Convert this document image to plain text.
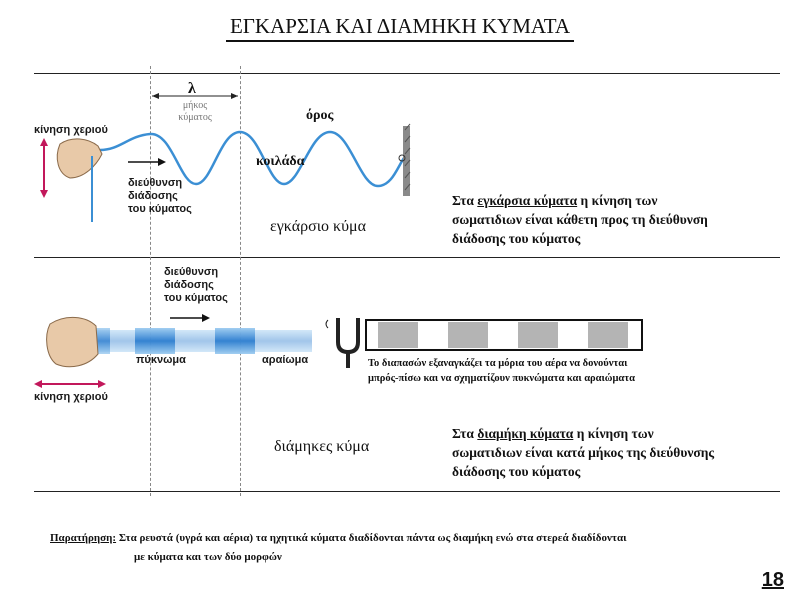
ΕΓΚΑΡΣΙΑ ΚΑΙ ΔΙΑΜΗΚΗ ΚΥΜΑΤΑ
λ
μήκος
κύματος
κίνηση χεριού
διεύθυνση
διάδοσης
του κύματος
όρος
κοιλάδα
εγκάρσιο κύμα
Στα εγκάρσια κύματα η κίνηση των
σωματιδιων είναι κάθετη προς τη διεύθυνση
διάδοσης του κύματος
διεύθυνση
διάδοσης
του κύματος
πύκνωμα	αραίωμα
κίνηση χεριού
Το διαπασών εξαναγκάζει τα μόρια του αέρα να δονούνται
μπρός-πίσω και να σχηματίζουν πυκνώματα και αραιώματα
διάμηκες κύμα
Στα διαμήκη κύματα η κίνηση των
σωματιδιων είναι κατά μήκος της διεύθυνσης
διάδοσης του κύματος
Παρατήρηση: Στα ρευστά (υγρά και αέρια) τα ηχητικά κύματα διαδίδονται πάντα ως διαμήκη ενώ στα στερεά διαδίδονται
με κύματα και των δύο μορφών
18
